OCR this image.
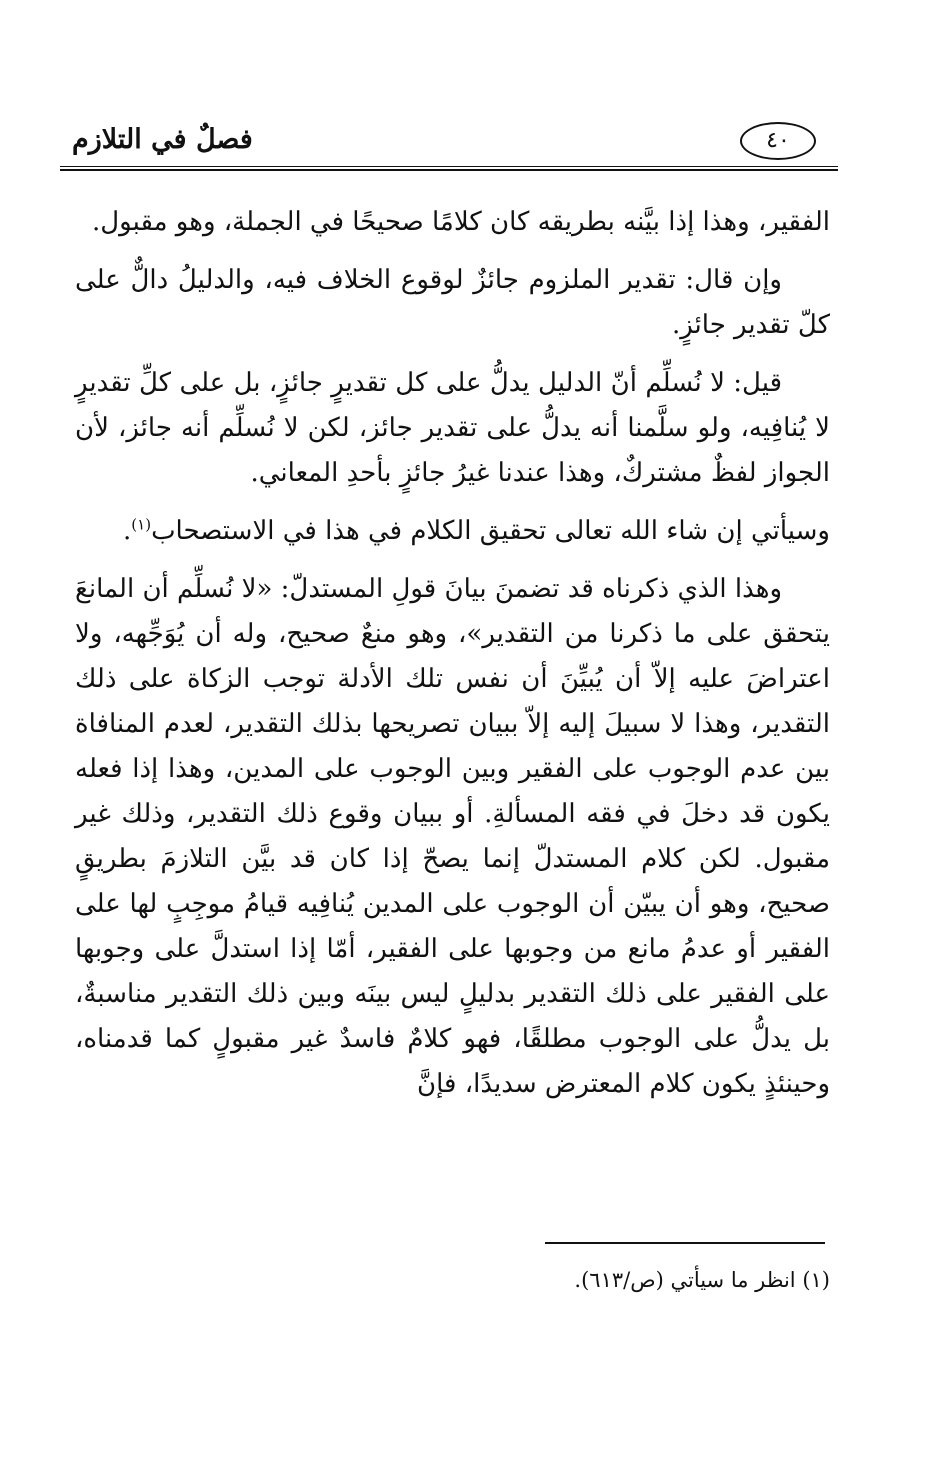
٤٠
فصلٌ في التلازم

الفقير، وهذا إذا بيَّنه بطريقه كان كلامًا صحيحًا في الجملة، وهو مقبول.

وإن قال: تقدير الملزوم جائزٌ لوقوع الخلاف فيه، والدليلُ دالٌّ على كلّ تقدير جائزٍ.

قيل: لا نُسلِّم أنّ الدليل يدلُّ على كل تقديرٍ جائزٍ، بل على كلِّ تقديرٍ لا يُنافِيه، ولو سلَّمنا أنه يدلُّ على تقدير جائز، لكن لا نُسلِّم أنه جائز، لأن الجواز لفظٌ مشتركٌ، وهذا عندنا غيرُ جائزٍ بأحدِ المعاني.

وسيأتي إن شاء الله تعالى تحقيق الكلام في هذا في الاستصحاب$^{(١)}$.

وهذا الذي ذكرناه قد تضمنَ بيانَ قولِ المستدلّ: «لا نُسلِّم أن المانعَ يتحقق على ما ذكرنا من التقدير»، وهو منعٌ صحيح، وله أن يُوَجِّهه، ولا اعتراضَ عليه إلاّ أن يُبيِّنَ أن نفس تلك الأدلة توجب الزكاة على ذلك التقدير، وهذا لا سبيلَ إليه إلاّ ببيان تصريحها بذلك التقدير، لعدم المنافاة بين عدم الوجوب على الفقير وبين الوجوب على المدين، وهذا إذا فعله يكون قد دخلَ في فقه المسألةِ. أو ببيان وقوع ذلك التقدير، وذلك غير مقبول. لكن كلام المستدلّ إنما يصحّ إذا كان قد بيَّن التلازمَ بطريقٍ صحيح، وهو أن يبيّن أن الوجوب على المدين يُنافِيه قيامُ موجِبٍ لها على الفقير أو عدمُ مانع من وجوبها على الفقير، أمّا إذا استدلَّ على وجوبها على الفقير على ذلك التقدير بدليلٍ ليس بينَه وبين ذلك التقدير مناسبةٌ، بل يدلُّ على الوجوب مطلقًا، فهو كلامٌ فاسدٌ غير مقبولٍ كما قدمناه، وحينئذٍ يكون كلام المعترض سديدًا، فإنَّ

(١) انظر ما سيأتي (ص/٦١٣).
